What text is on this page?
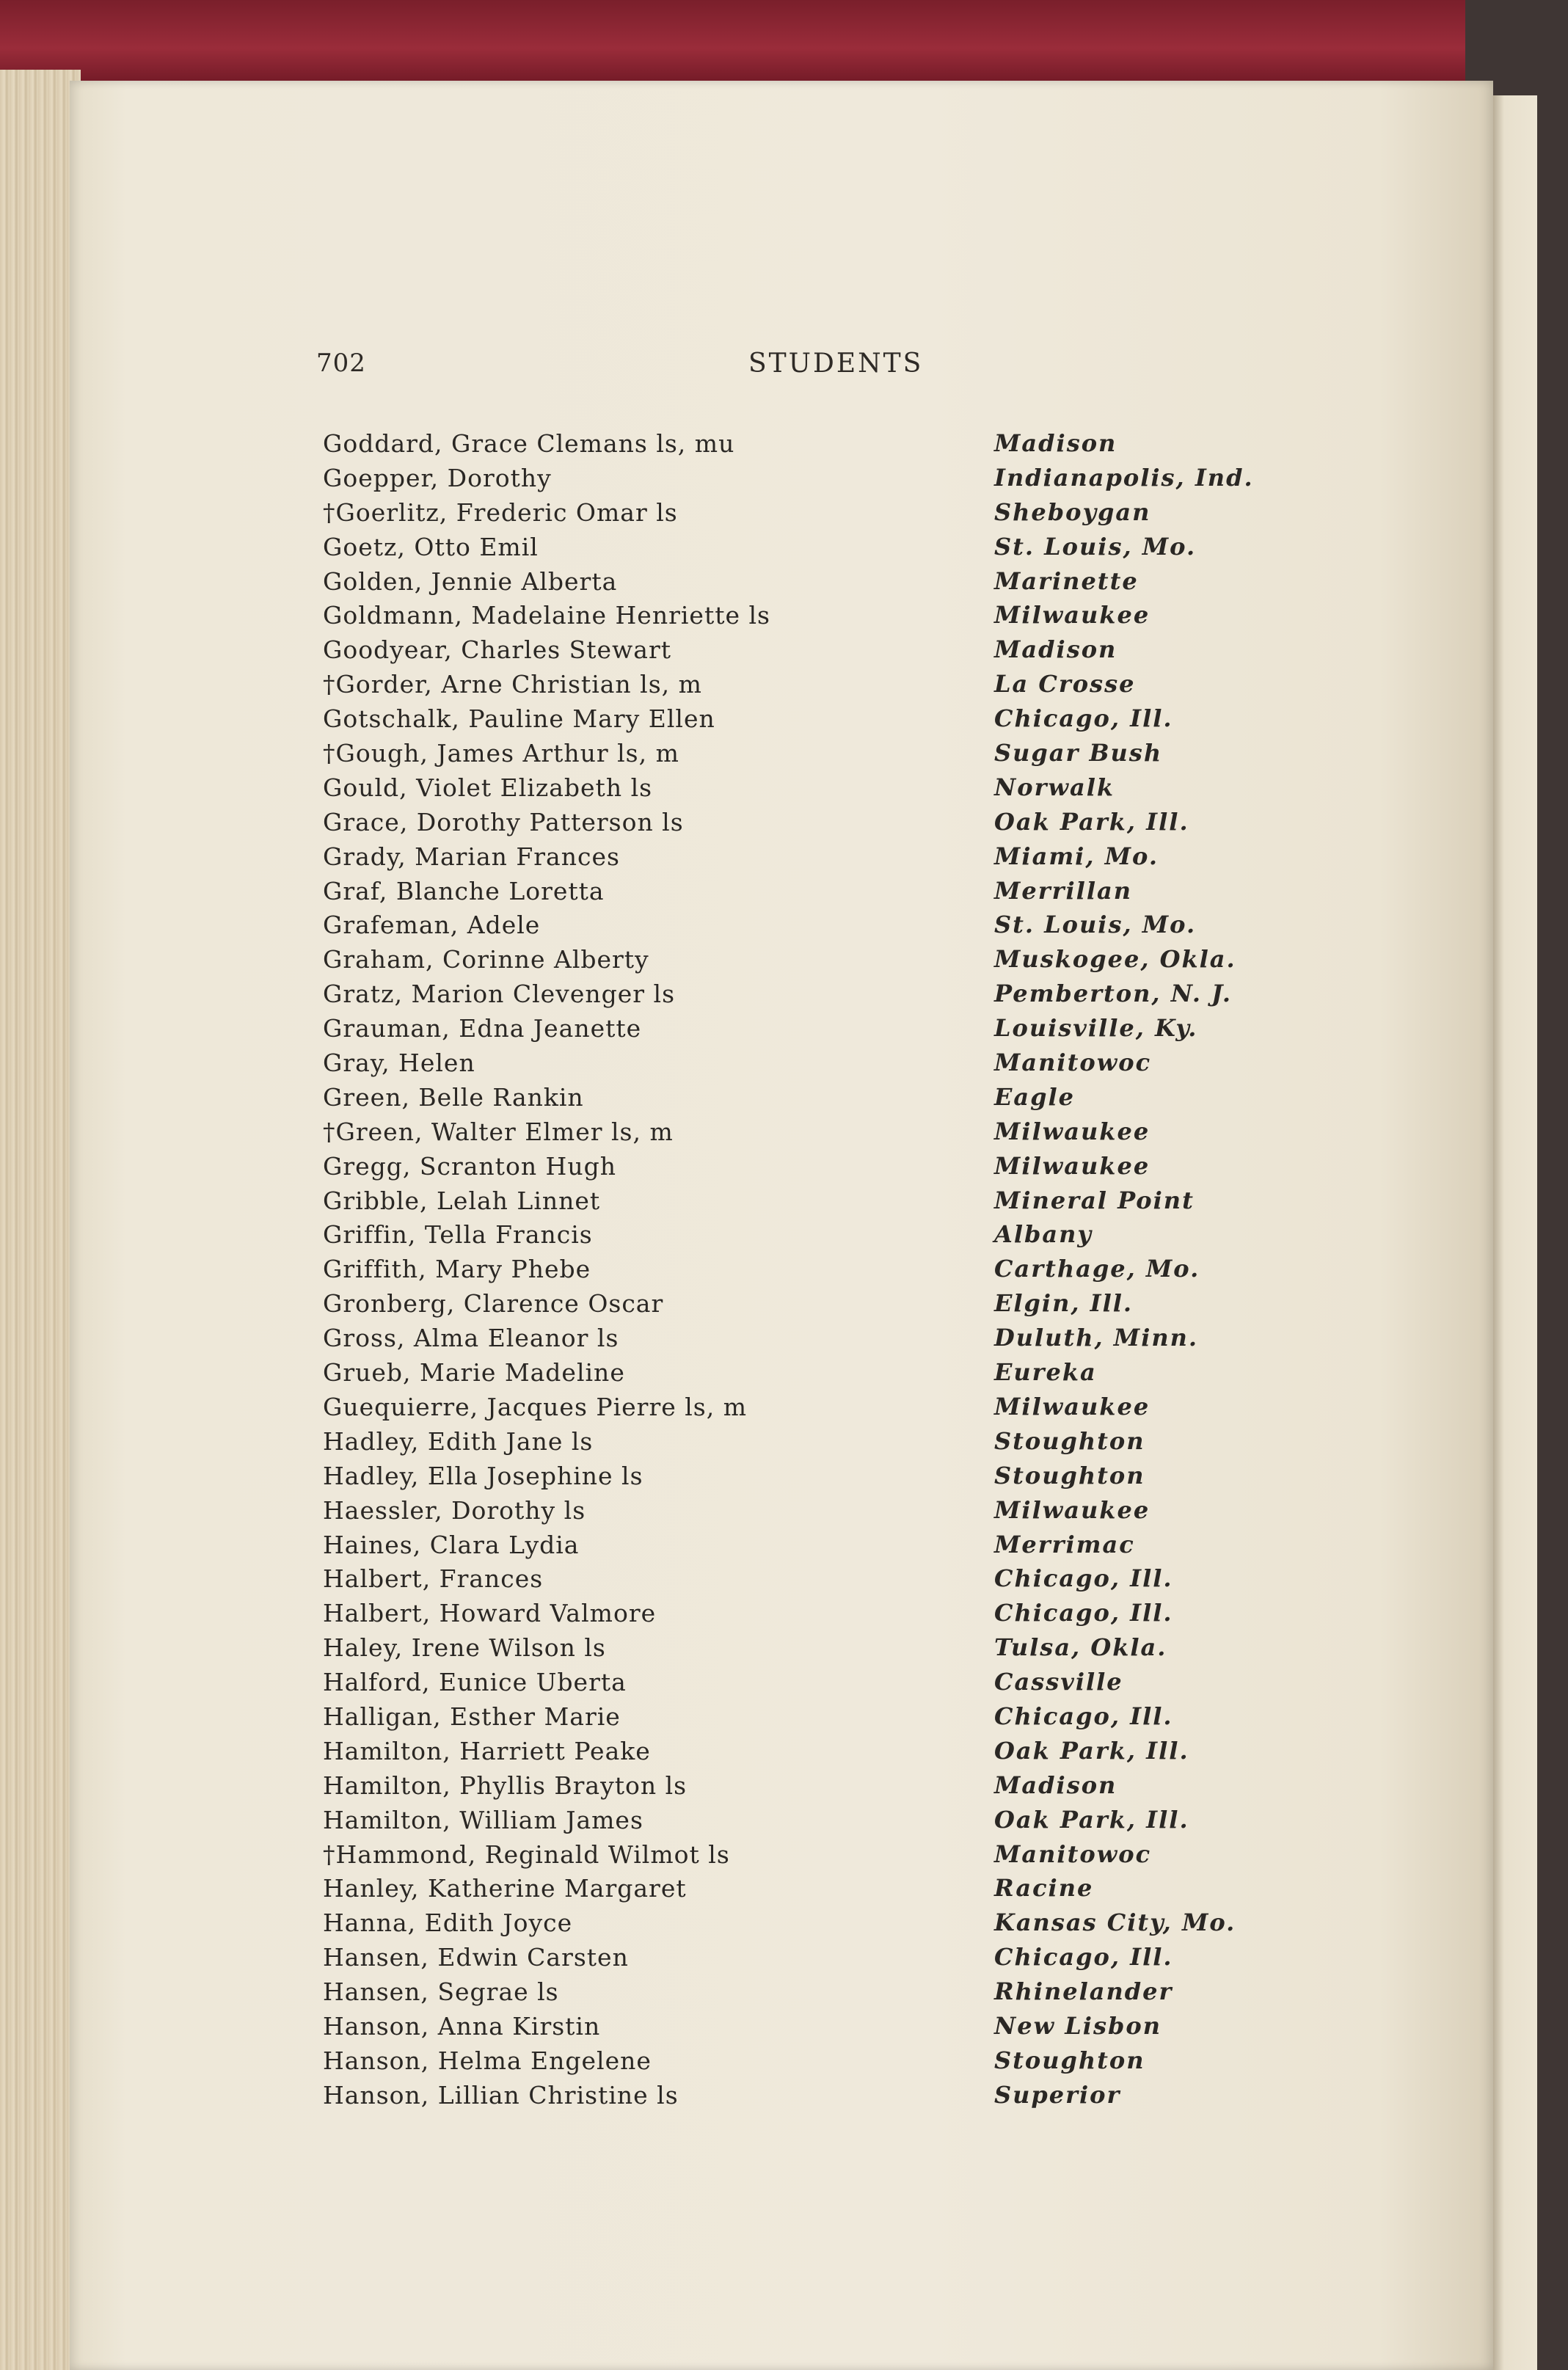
702	STUDENTS
Goddard, Grace Clemans ls, mu	Madison
Goepper, Dorothy	Indianapolis, Ind.
†Goerlitz, Frederic Omar ls	Sheboygan
Goetz, Otto Emil	St. Louis, Mo.
Golden, Jennie Alberta	Marinette
Goldmann, Madelaine Henriette ls	Milwaukee
Goodyear, Charles Stewart	Madison
†Gorder, Arne Christian ls, m	La Crosse
Gotschalk, Pauline Mary Ellen	Chicago, Ill.
†Gough, James Arthur ls, m	Sugar Bush
Gould, Violet Elizabeth ls	Norwalk
Grace, Dorothy Patterson ls	Oak Park, Ill.
Grady, Marian Frances	Miami, Mo.
Graf, Blanche Loretta	Merrillan
Grafeman, Adele	St. Louis, Mo.
Graham, Corinne Alberty	Muskogee, Okla.
Gratz, Marion Clevenger ls	Pemberton, N. J.
Grauman, Edna Jeanette	Louisville, Ky.
Gray, Helen	Manitowoc
Green, Belle Rankin	Eagle
†Green, Walter Elmer ls, m	Milwaukee
Gregg, Scranton Hugh	Milwaukee
Gribble, Lelah Linnet	Mineral Point
Griffin, Tella Francis	Albany
Griffith, Mary Phebe	Carthage, Mo.
Gronberg, Clarence Oscar	Elgin, Ill.
Gross, Alma Eleanor ls	Duluth, Minn.
Grueb, Marie Madeline	Eureka
Guequierre, Jacques Pierre ls, m	Milwaukee
Hadley, Edith Jane ls	Stoughton
Hadley, Ella Josephine ls	Stoughton
Haessler, Dorothy ls	Milwaukee
Haines, Clara Lydia	Merrimac
Halbert, Frances	Chicago, Ill.
Halbert, Howard Valmore	Chicago, Ill.
Haley, Irene Wilson ls	Tulsa, Okla.
Halford, Eunice Uberta	Cassville
Halligan, Esther Marie	Chicago, Ill.
Hamilton, Harriett Peake	Oak Park, Ill.
Hamilton, Phyllis Brayton ls	Madison
Hamilton, William James	Oak Park, Ill.
†Hammond, Reginald Wilmot ls	Manitowoc
Hanley, Katherine Margaret	Racine
Hanna, Edith Joyce	Kansas City, Mo.
Hansen, Edwin Carsten	Chicago, Ill.
Hansen, Segrae ls	Rhinelander
Hanson, Anna Kirstin	New Lisbon
Hanson, Helma Engelene	Stoughton
Hanson, Lillian Christine ls	Superior
